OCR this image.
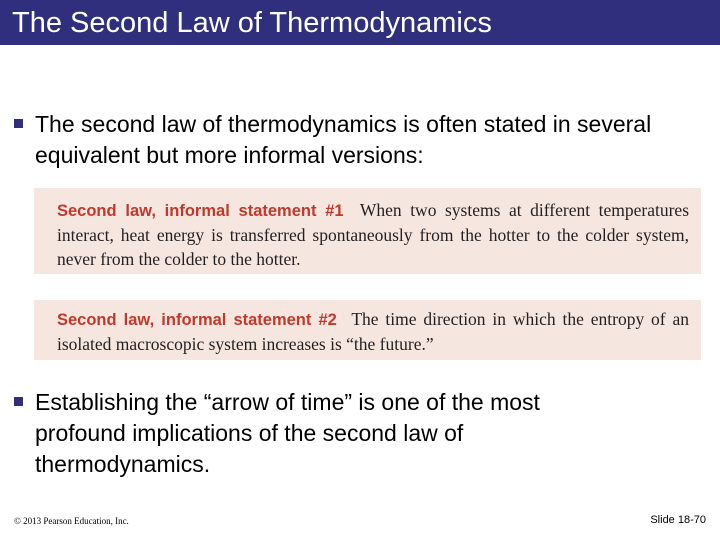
The Second Law of Thermodynamics
The second law of thermodynamics is often stated in several equivalent but more informal versions:
Second law, informal statement #1 When two systems at different temperatures interact, heat energy is transferred spontaneously from the hotter to the colder system, never from the colder to the hotter.
Second law, informal statement #2 The time direction in which the entropy of an isolated macroscopic system increases is “the future.”
Establishing the “arrow of time” is one of the most profound implications of the second law of thermodynamics.
© 2013 Pearson Education, Inc.	Slide 18-70
